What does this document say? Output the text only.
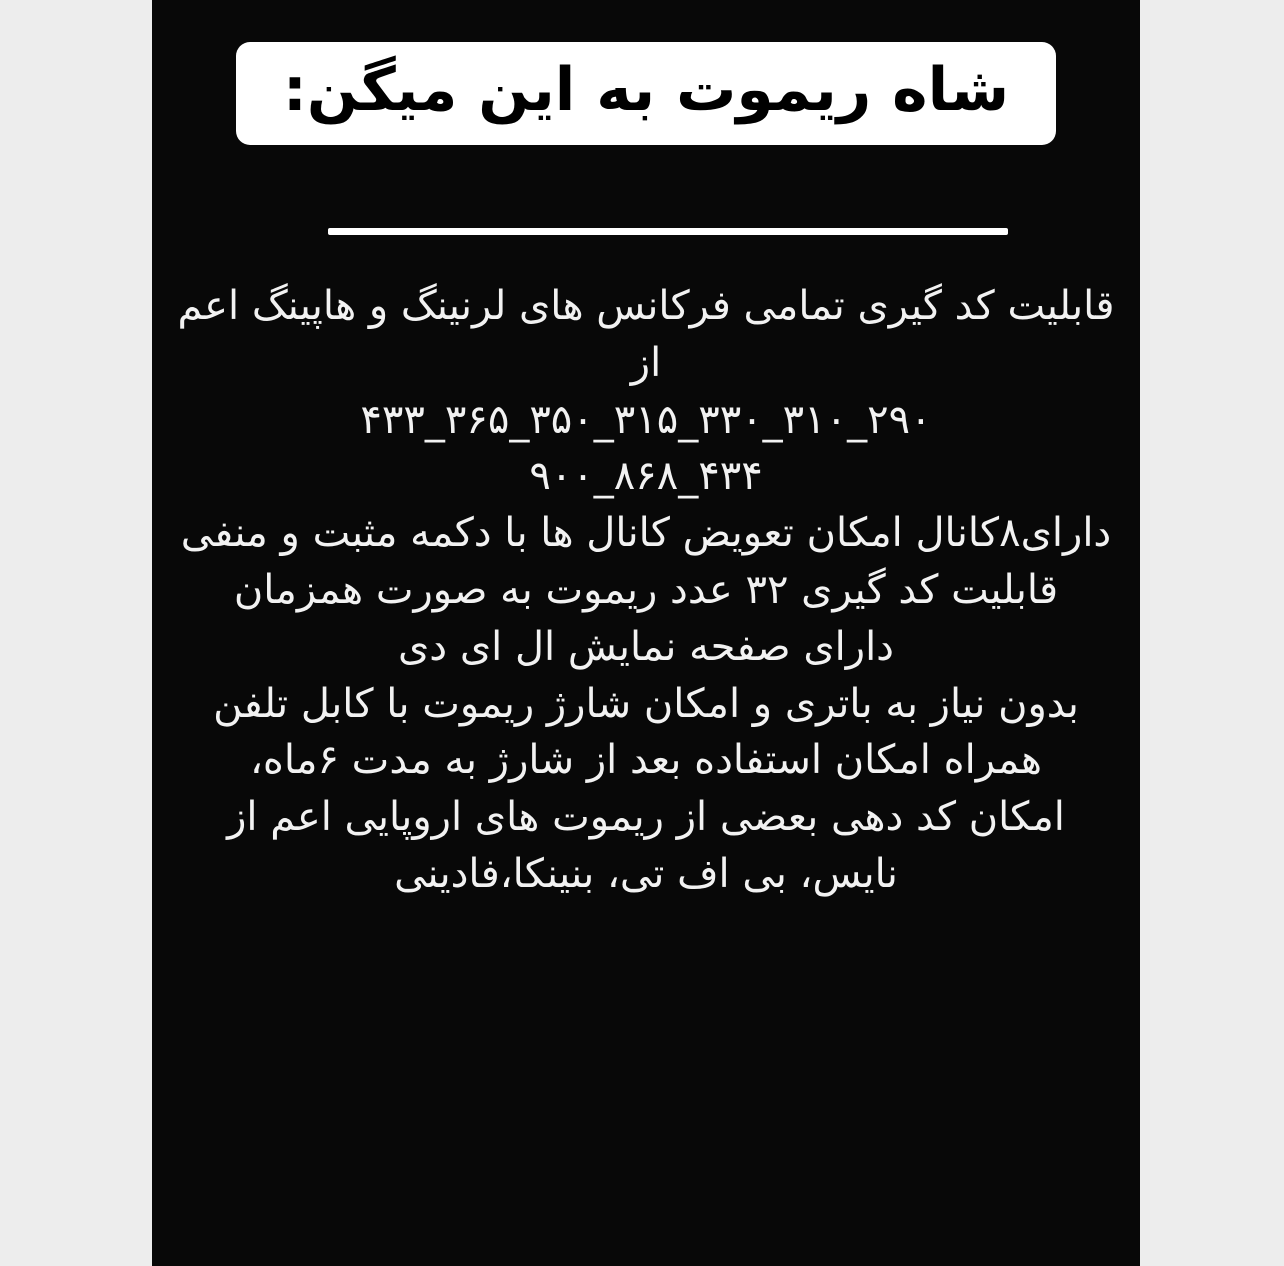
شاه ریموت به این میگن:
قابلیت کد گیری تمامی فرکانس های لرنینگ و هاپینگ اعم از
۲۹۰_۳۱۰_۳۳۰_۳۱۵_۳۵۰_۳۶۵_۴۳۳
۴۳۴_۸۶۸_۹۰۰
دارای۸کانال امکان تعویض کانال ها با دکمه مثبت و منفی
قابلیت کد گیری ۳۲ عدد ریموت به صورت همزمان
دارای صفحه نمایش ال ای دی
بدون نیاز به باتری و امکان شارژ ریموت با کابل تلفن همراه امکان استفاده بعد از شارژ به مدت ۶ماه،
امکان کد دهی بعضی از ریموت های اروپایی اعم از نایس، بی اف تی، بنینکا،فادینی
